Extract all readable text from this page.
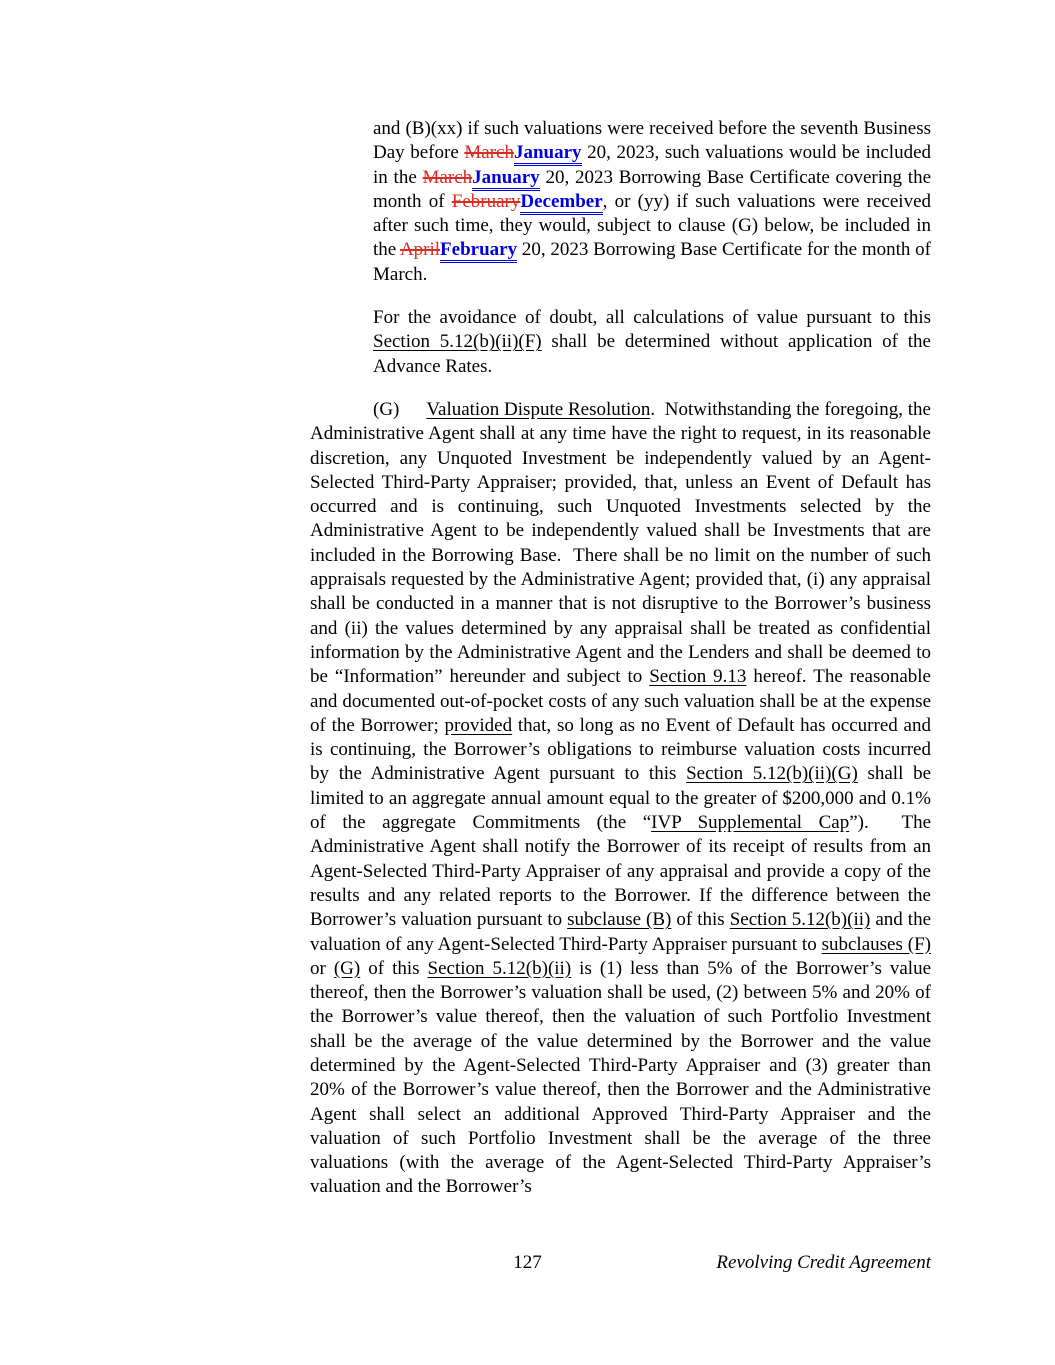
and (B)(xx) if such valuations were received before the seventh Business Day before MarchJanuary 20, 2023, such valuations would be included in the MarchJanuary 20, 2023 Borrowing Base Certificate covering the month of FebruaryDecember, or (yy) if such valuations were received after such time, they would, subject to clause (G) below, be included in the AprilFebruary 20, 2023 Borrowing Base Certificate for the month of March.

For the avoidance of doubt, all calculations of value pursuant to this Section 5.12(b)(ii)(F) shall be determined without application of the Advance Rates.

(G) Valuation Dispute Resolution.  Notwithstanding the foregoing, the Administrative Agent shall at any time have the right to request, in its reasonable discretion, any Unquoted Investment be independently valued by an Agent-Selected Third-Party Appraiser; provided, that, unless an Event of Default has occurred and is continuing, such Unquoted Investments selected by the Administrative Agent to be independently valued shall be Investments that are included in the Borrowing Base.  There shall be no limit on the number of such appraisals requested by the Administrative Agent; provided that, (i) any appraisal shall be conducted in a manner that is not disruptive to the Borrower’s business and (ii) the values determined by any appraisal shall be treated as confidential information by the Administrative Agent and the Lenders and shall be deemed to be “Information” hereunder and subject to Section 9.13 hereof. The reasonable and documented out-of-pocket costs of any such valuation shall be at the expense of the Borrower; provided that, so long as no Event of Default has occurred and is continuing, the Borrower’s obligations to reimburse valuation costs incurred by the Administrative Agent pursuant to this Section 5.12(b)(ii)(G) shall be limited to an aggregate annual amount equal to the greater of $200,000 and 0.1% of the aggregate Commitments (the “IVP Supplemental Cap”).  The Administrative Agent shall notify the Borrower of its receipt of results from an Agent-Selected Third-Party Appraiser of any appraisal and provide a copy of the results and any related reports to the Borrower. If the difference between the Borrower’s valuation pursuant to subclause (B) of this Section 5.12(b)(ii) and the valuation of any Agent-Selected Third-Party Appraiser pursuant to subclauses (F) or (G) of this Section 5.12(b)(ii) is (1) less than 5% of the Borrower’s value thereof, then the Borrower’s valuation shall be used, (2) between 5% and 20% of the Borrower’s value thereof, then the valuation of such Portfolio Investment shall be the average of the value determined by the Borrower and the value determined by the Agent-Selected Third-Party Appraiser and (3) greater than 20% of the Borrower’s value thereof, then the Borrower and the Administrative Agent shall select an additional Approved Third-Party Appraiser and the valuation of such Portfolio Investment shall be the average of the three valuations (with the average of the Agent-Selected Third-Party Appraiser’s valuation and the Borrower’s

127	Revolving Credit Agreement
